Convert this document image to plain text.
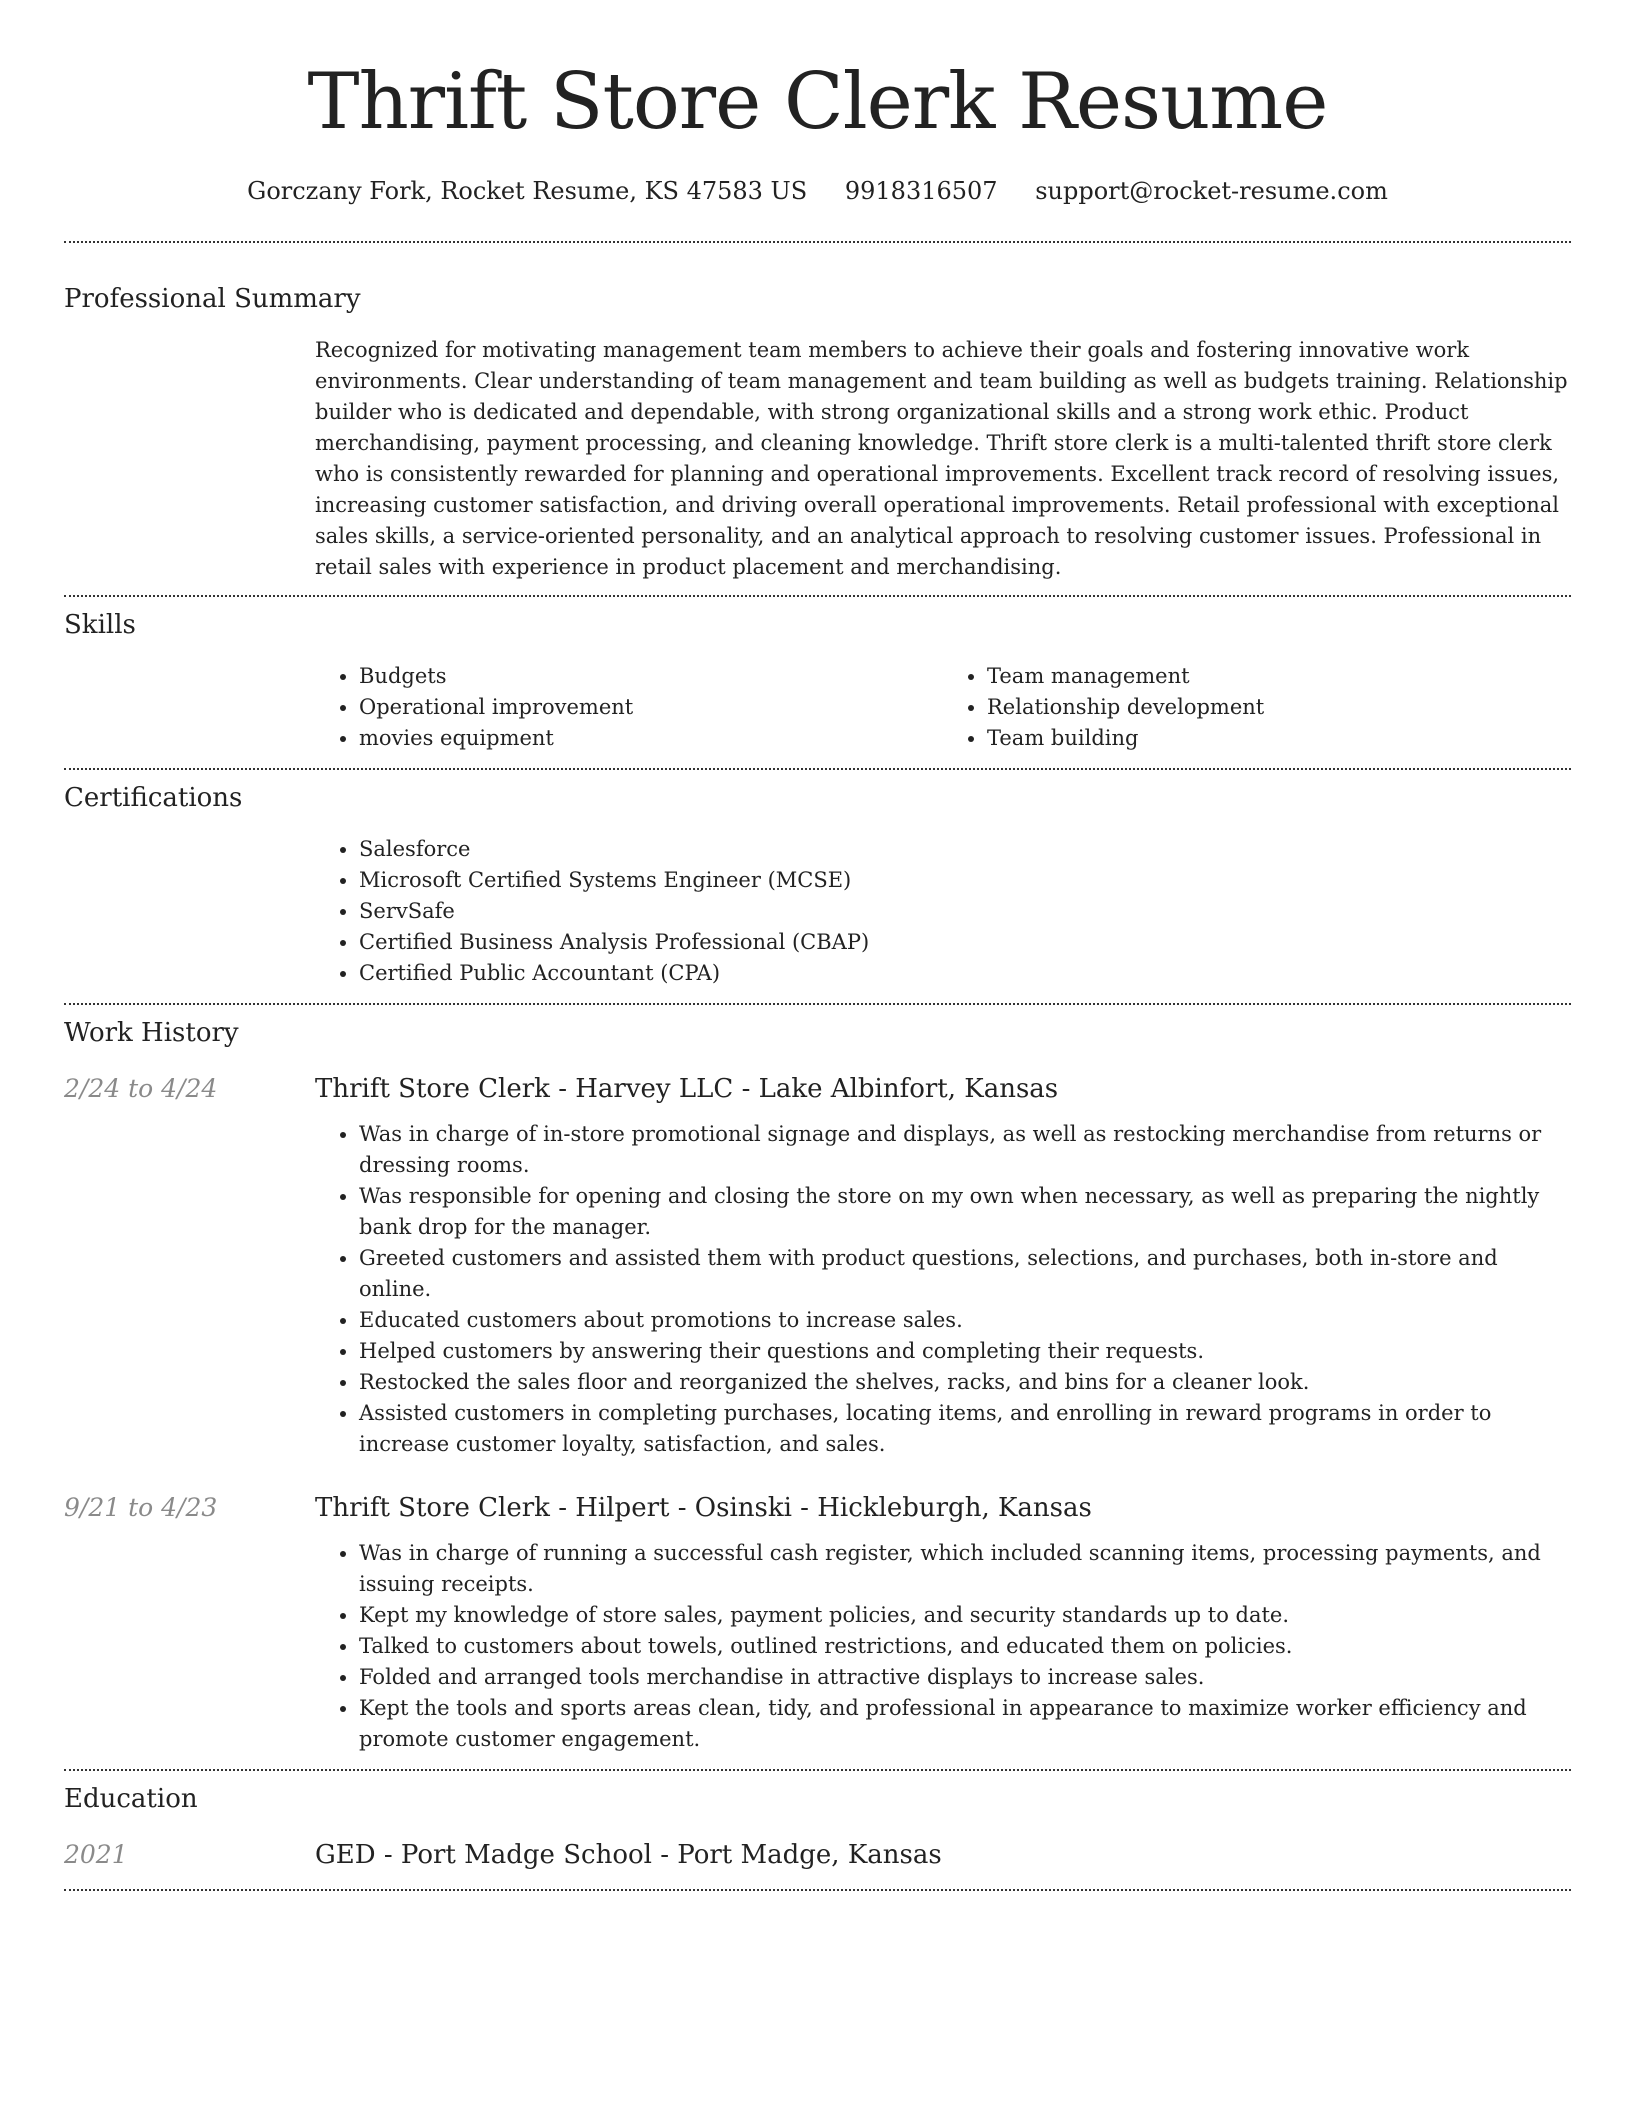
Thrift Store Clerk Resume
Gorczany Fork, Rocket Resume, KS 47583 US 9918316507 support@rocket-resume.com
Professional Summary
Recognized for motivating management team members to achieve their goals and fostering innovative work environments. Clear understanding of team management and team building as well as budgets training. Relationship builder who is dedicated and dependable, with strong organizational skills and a strong work ethic. Product merchandising, payment processing, and cleaning knowledge. Thrift store clerk is a multi-talented thrift store clerk who is consistently rewarded for planning and operational improvements. Excellent track record of resolving issues, increasing customer satisfaction, and driving overall operational improvements. Retail professional with exceptional sales skills, a service-oriented personality, and an analytical approach to resolving customer issues. Professional in retail sales with experience in product placement and merchandising.
Skills
• Budgets
• Operational improvement
• movies equipment
• Team management
• Relationship development
• Team building
Certifications
• Salesforce
• Microsoft Certified Systems Engineer (MCSE)
• ServSafe
• Certified Business Analysis Professional (CBAP)
• Certified Public Accountant (CPA)
Work History
2/24 to 4/24	Thrift Store Clerk - Harvey LLC - Lake Albinfort, Kansas
• Was in charge of in-store promotional signage and displays, as well as restocking merchandise from returns or dressing rooms.
• Was responsible for opening and closing the store on my own when necessary, as well as preparing the nightly bank drop for the manager.
• Greeted customers and assisted them with product questions, selections, and purchases, both in-store and online.
• Educated customers about promotions to increase sales.
• Helped customers by answering their questions and completing their requests.
• Restocked the sales floor and reorganized the shelves, racks, and bins for a cleaner look.
• Assisted customers in completing purchases, locating items, and enrolling in reward programs in order to increase customer loyalty, satisfaction, and sales.
9/21 to 4/23	Thrift Store Clerk - Hilpert - Osinski - Hickleburgh, Kansas
• Was in charge of running a successful cash register, which included scanning items, processing payments, and issuing receipts.
• Kept my knowledge of store sales, payment policies, and security standards up to date.
• Talked to customers about towels, outlined restrictions, and educated them on policies.
• Folded and arranged tools merchandise in attractive displays to increase sales.
• Kept the tools and sports areas clean, tidy, and professional in appearance to maximize worker efficiency and promote customer engagement.
Education
2021	GED - Port Madge School - Port Madge, Kansas
